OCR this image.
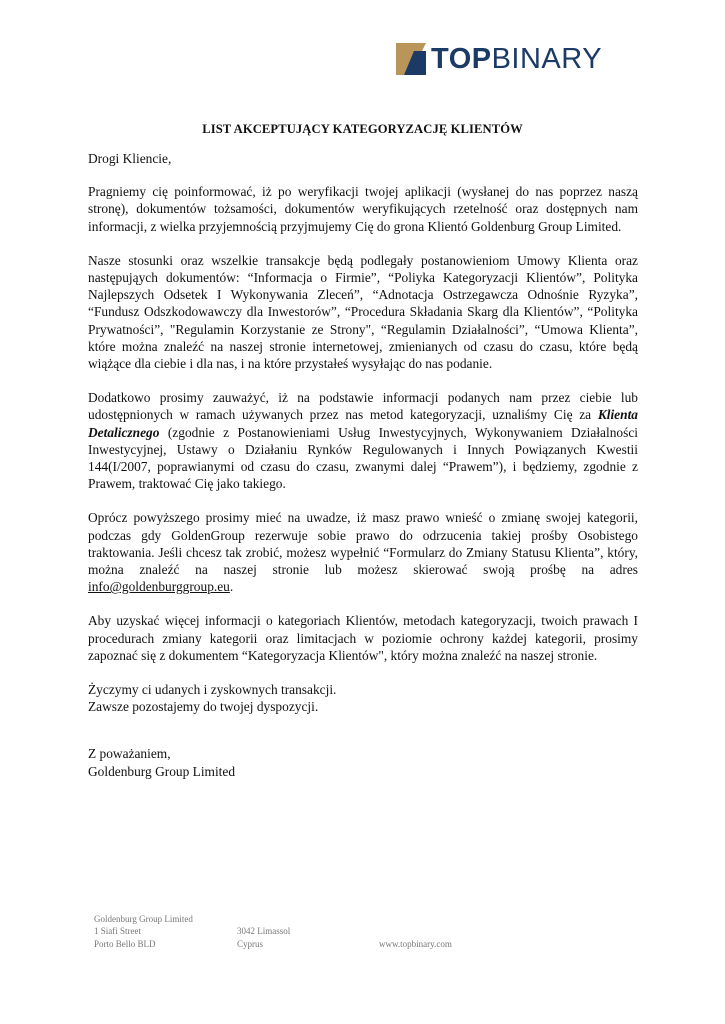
TOPBINARY
LIST AKCEPTUJĄCY KATEGORYZACJĘ KLIENTÓW

Drogi Kliencie,

Pragniemy cię poinformować, iż po weryfikacji twojej aplikacji (wysłanej do nas poprzez naszą stronę), dokumentów tożsamości, dokumentów weryfikujących rzetelność oraz dostępnych nam informacji, z wielka przyjemnością przyjmujemy Cię do grona Klientó Goldenburg Group Limited.

Nasze stosunki oraz wszelkie transakcje będą podlegały postanowieniom Umowy Klienta oraz następująych dokumentów: “Informacja o Firmie”, “Poliyka Kategoryzacji Klientów”, Polityka Najlepszych Odsetek I Wykonywania Zleceń”, “Adnotacja Ostrzegawcza Odnośnie Ryzyka”, “Fundusz Odszkodowawczy dla Inwestorów”, “Procedura Składania Skarg dla Klientów”, “Polityka Prywatności”, "Regulamin Korzystanie ze Strony", “Regulamin Działalności”, “Umowa Klienta”, które można znaleźć na naszej stronie internetowej, zmienianych od czasu do czasu, które będą wiążące dla ciebie i dla nas, i na które przystałeś wysyłając do nas podanie.

Dodatkowo prosimy zauważyć, iż na podstawie informacji podanych nam przez ciebie lub udostępnionych w ramach używanych przez nas metod kategoryzacji, uznaliśmy Cię za Klienta Detalicznego (zgodnie z Postanowieniami Usług Inwestycyjnych, Wykonywaniem Działalności Inwestycyjnej, Ustawy o Działaniu Rynków Regulowanych i Innych Powiązanych Kwestii 144(I/2007, poprawianymi od czasu do czasu, zwanymi dalej “Prawem”), i będziemy, zgodnie z Prawem, traktować Cię jako takiego.

Oprócz powyższego prosimy mieć na uwadze, iż masz prawo wnieść o zmianę swojej kategorii, podczas gdy GoldenGroup rezerwuje sobie prawo do odrzucenia takiej prośby Osobistego traktowania. Jeśli chcesz tak zrobić, możesz wypełnić “Formularz do Zmiany Statusu Klienta”, który, można znaleźć na naszej stronie lub możesz skierować swoją prośbę na adres info@goldenburggroup.eu.

Aby uzyskać więcej informacji o kategoriach Klientów, metodach kategoryzacji, twoich prawach I procedurach zmiany kategorii oraz limitacjach w poziomie ochrony każdej kategorii, prosimy zapoznać się z dokumentem “Kategoryzacja Klientów", który można znaleźć na naszej stronie.

Życzymy ci udanych i zyskownych transakcji.
Zawsze pozostajemy do twojej dyspozycji.

Z poważaniem,
Goldenburg Group Limited

Goldenburg Group Limited
1 Siafi Street	3042 Limassol
Porto Bello BLD	Cyprus	www.topbinary.com
